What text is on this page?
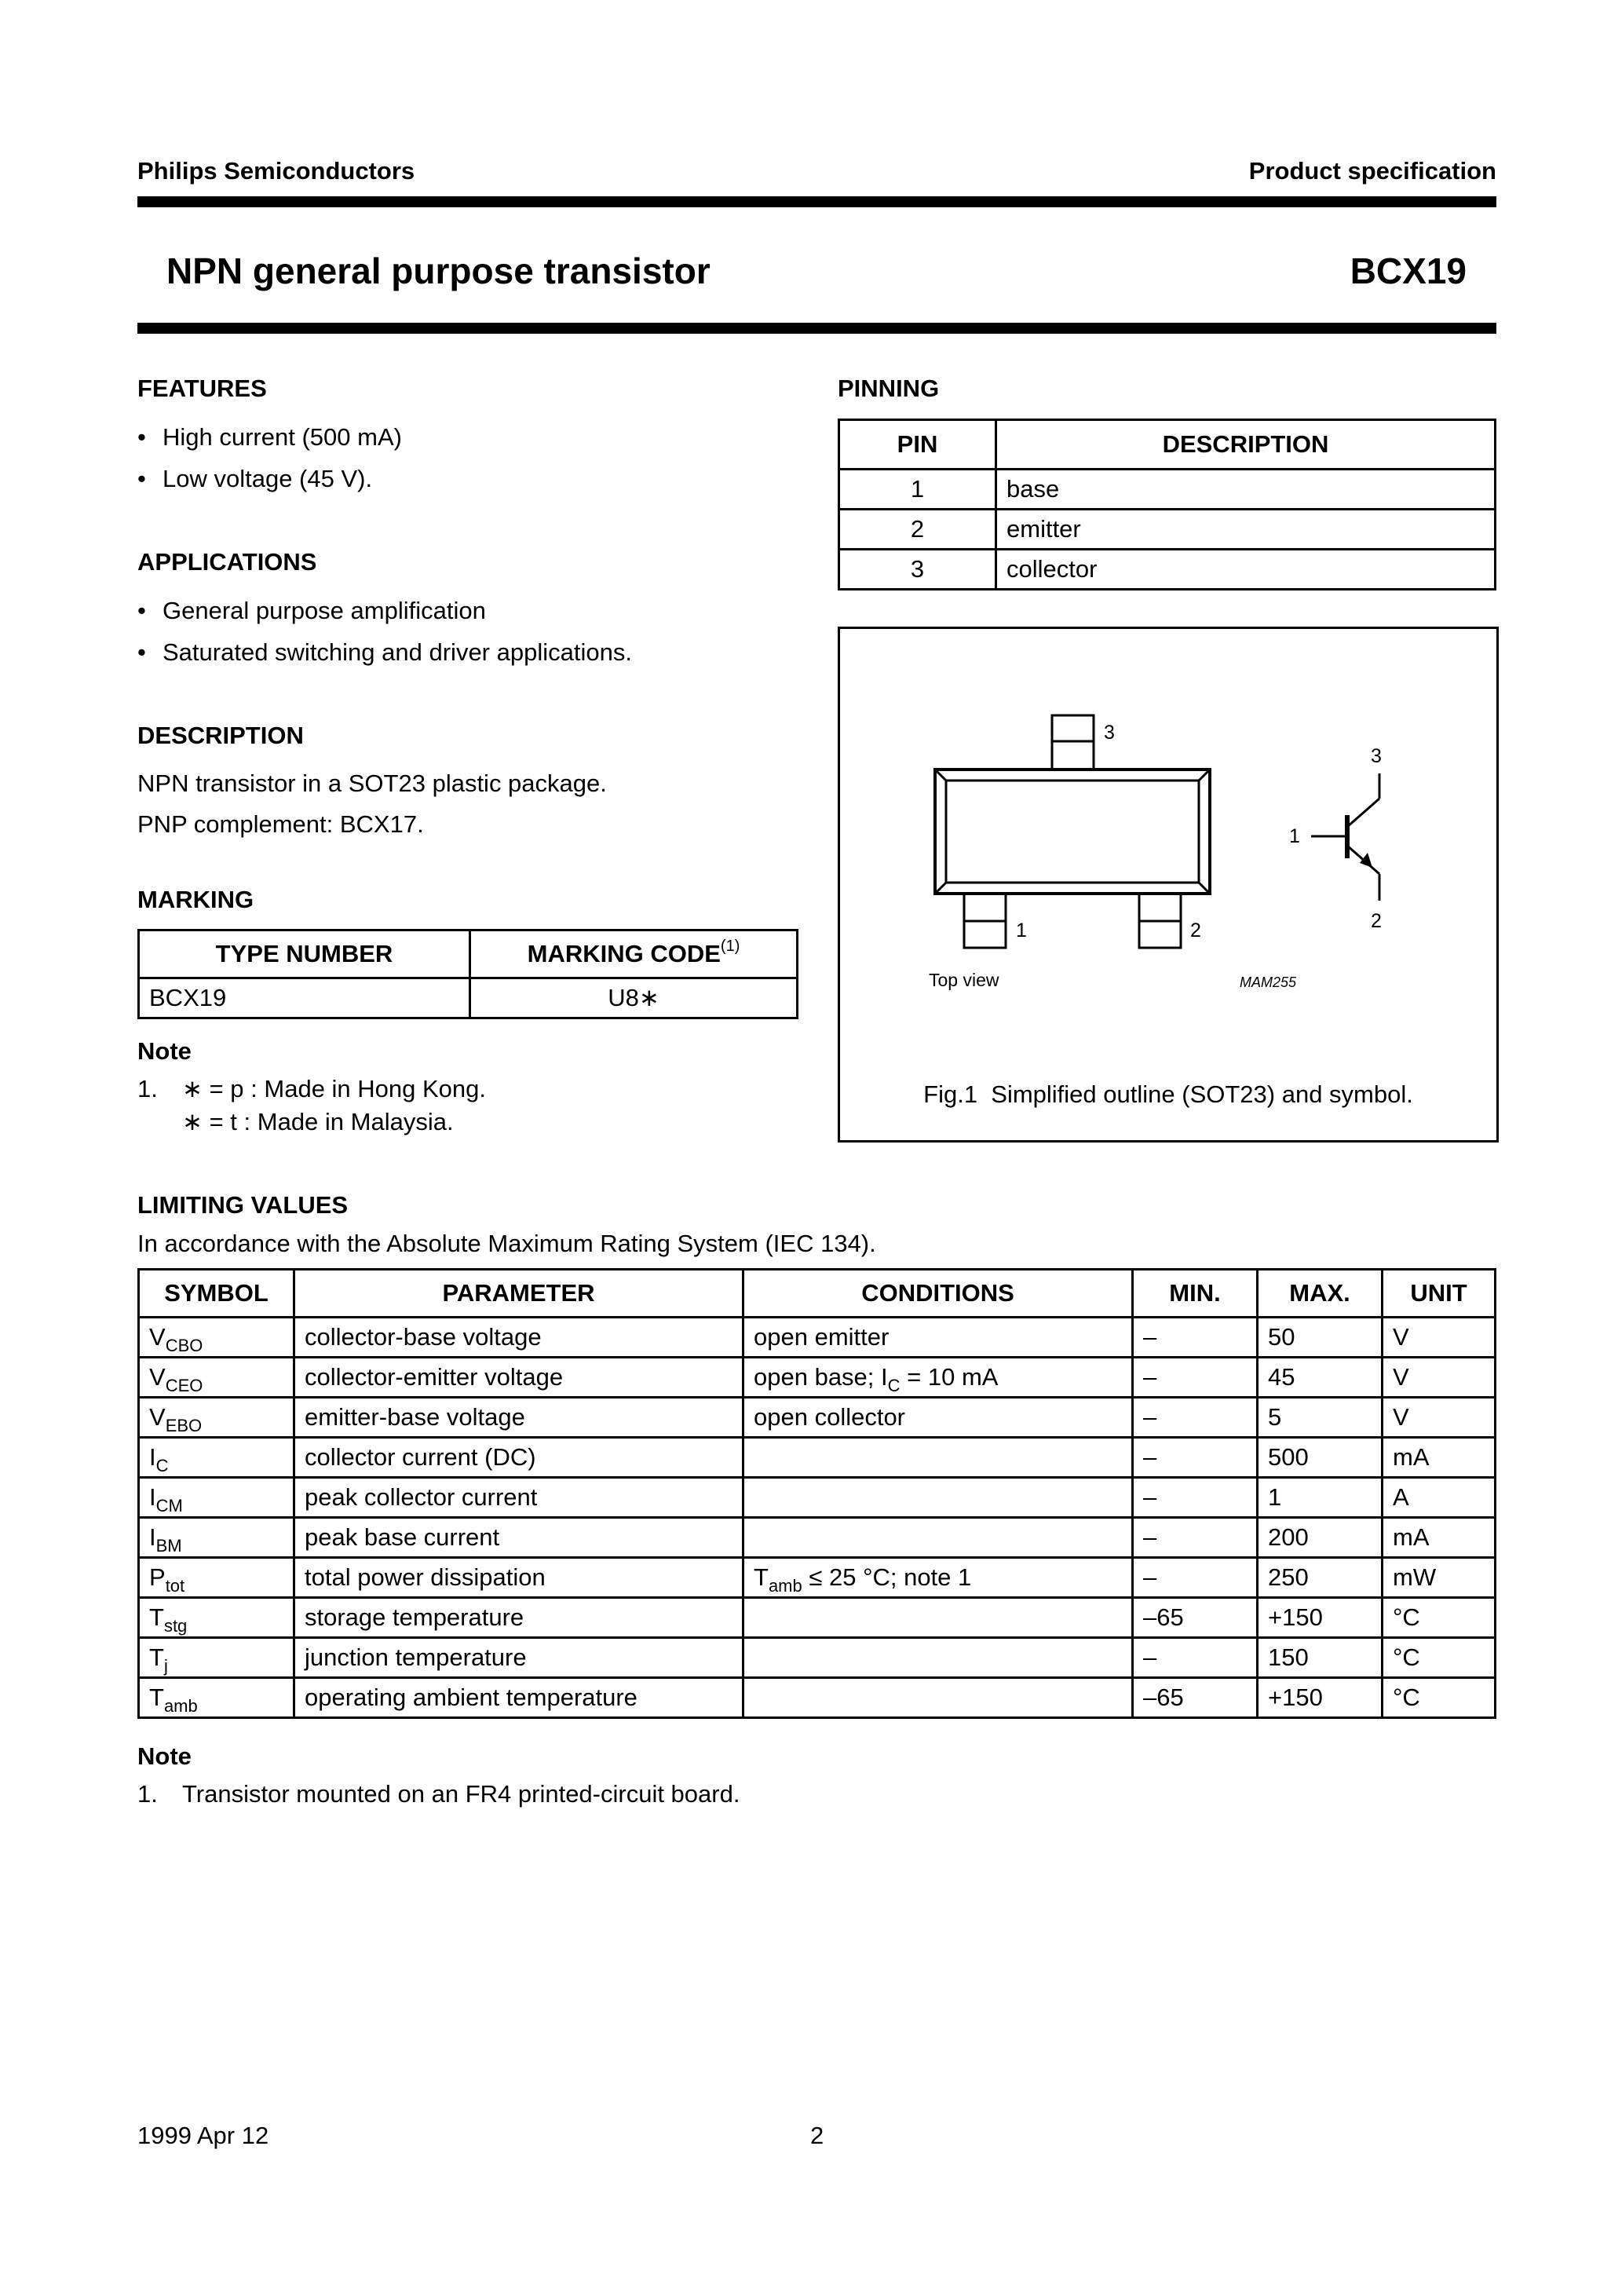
Philips Semiconductors	Product specification
NPN general purpose transistor	BCX19
FEATURES
• High current (500 mA)
• Low voltage (45 V).
APPLICATIONS
• General purpose amplification
• Saturated switching and driver applications.
DESCRIPTION
NPN transistor in a SOT23 plastic package.
PNP complement: BCX17.
MARKING
TYPE NUMBER	MARKING CODE$^{(1)}$
BCX19	U8∗
Note
1. ∗ = p : Made in Hong Kong.
∗ = t : Made in Malaysia.
PINNING
PIN	DESCRIPTION
1	base
2	emitter
3	collector
3
1	2
3
1
2
Top view	MAM255
Fig.1  Simplified outline (SOT23) and symbol.
LIMITING VALUES
In accordance with the Absolute Maximum Rating System (IEC 134).
SYMBOL	PARAMETER	CONDITIONS	MIN.	MAX.	UNIT
$V_{CBO}$	collector-base voltage	open emitter	–	50	V
$V_{CEO}$	collector-emitter voltage	open base; $I_C = 10$ mA	–	45	V
$V_{EBO}$	emitter-base voltage	open collector	–	5	V
$I_C$	collector current (DC)		–	500	mA
$I_{CM}$	peak collector current		–	1	A
$I_{BM}$	peak base current		–	200	mA
$P_{tot}$	total power dissipation	$T_{amb} \le 25$ °C; note 1	–	250	mW
$T_{stg}$	storage temperature		–65	+150	°C
$T_j$	junction temperature		–	150	°C
$T_{amb}$	operating ambient temperature		–65	+150	°C
Note
1. Transistor mounted on an FR4 printed-circuit board.
1999 Apr 12	2
